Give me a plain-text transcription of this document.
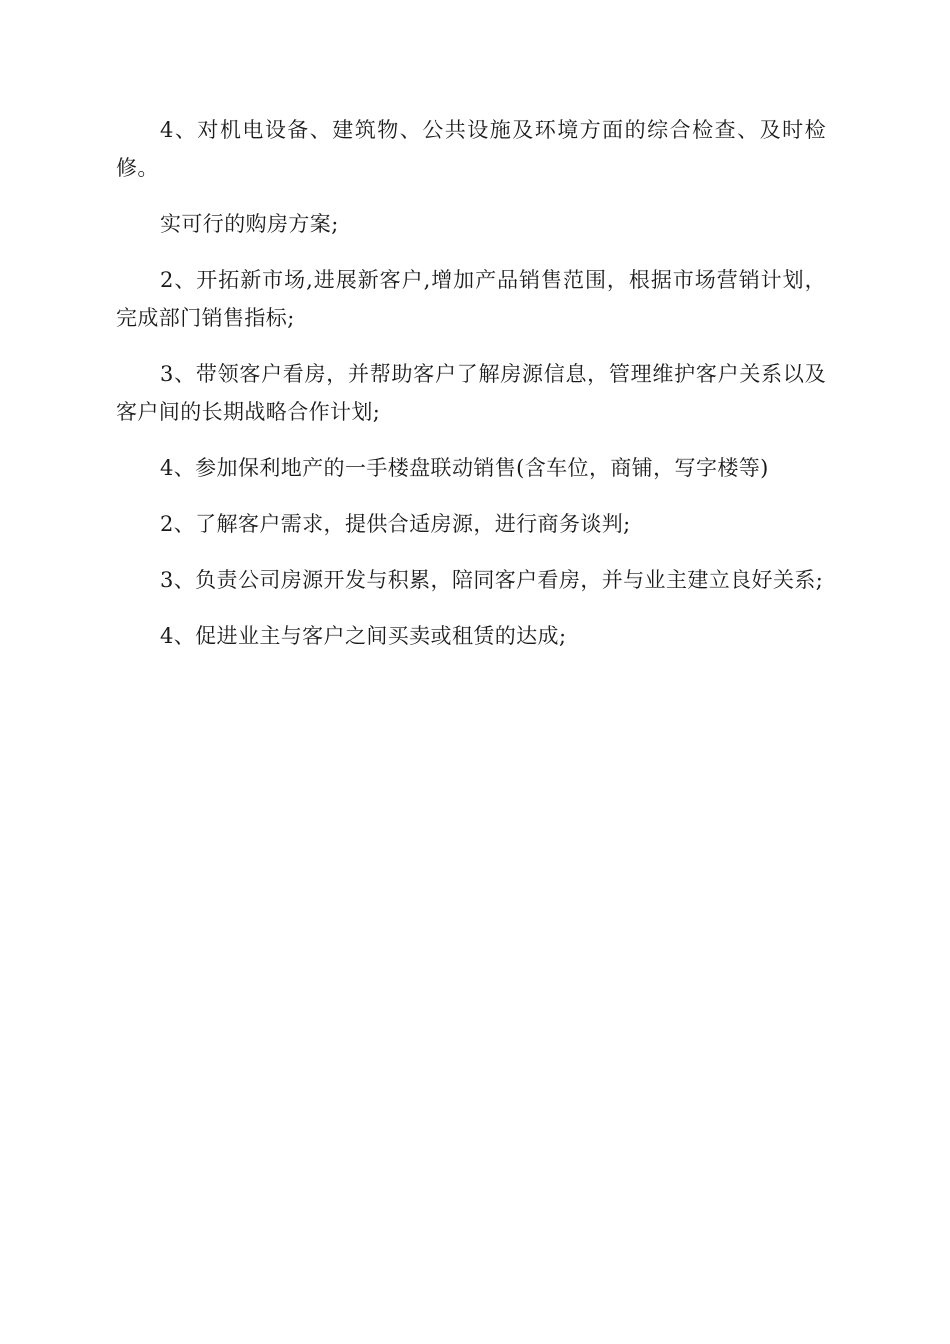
4、对机电设备、建筑物、公共设施及环境方面的综合检查、及时检修。

实可行的购房方案;

2、开拓新市场,进展新客户,增加产品销售范围，根据市场营销计划，完成部门销售指标;

3、带领客户看房，并帮助客户了解房源信息，管理维护客户关系以及客户间的长期战略合作计划;

4、参加保利地产的一手楼盘联动销售(含车位，商铺，写字楼等)

2、了解客户需求，提供合适房源，进行商务谈判;

3、负责公司房源开发与积累，陪同客户看房，并与业主建立良好关系;

4、促进业主与客户之间买卖或租赁的达成;
